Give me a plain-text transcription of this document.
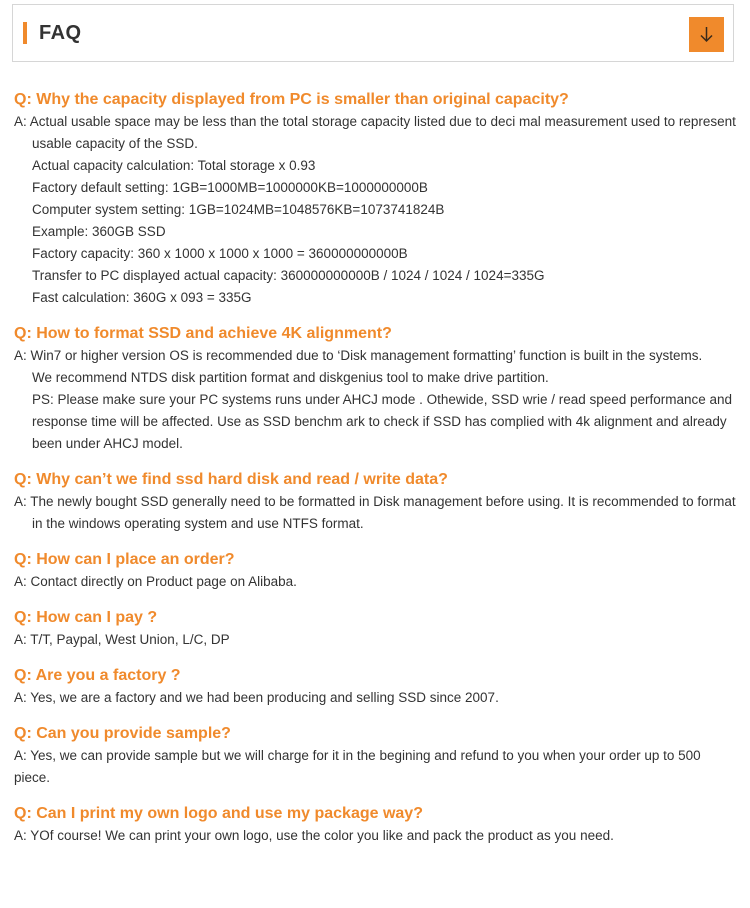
FAQ

Q: Why the capacity displayed from PC is smaller than original capacity?

A: Actual usable space may be less than the total storage capacity listed due to deci mal measurement used to represent usable capacity of the SSD.
Actual capacity calculation: Total storage x 0.93
Factory default setting: 1GB=1000MB=1000000KB=1000000000B
Computer system setting: 1GB=1024MB=1048576KB=1073741824B
Example: 360GB SSD
Factory capacity: 360 x 1000 x 1000 x 1000 = 360000000000B
Transfer to PC displayed actual capacity: 360000000000B / 1024 / 1024 / 1024=335G
Fast calculation: 360G x 093 = 335G

Q: How to format SSD and achieve 4K alignment?

A: Win7 or higher version OS is recommended due to ‘Disk management formatting’ function is built in the systems.
We recommend NTDS disk partition format and diskgenius tool to make drive partition.
PS: Please make sure your PC systems runs under AHCJ mode . Othewide, SSD wrie / read speed performance and response time will be affected. Use as SSD benchm ark to check if SSD has complied with 4k alignment and already been under AHCJ model.

Q: Why can’t we find ssd hard disk and read / write data?

A: The newly bought SSD generally need to be formatted in Disk management before using. It is recommended to format in the windows operating system and use NTFS format.

Q: How can I place an order?

A: Contact directly on Product page on Alibaba.

Q: How can I pay ?

A: T/T, Paypal, West Union, L/C, DP

Q: Are you a factory ?

A: Yes, we are a factory and we had been producing and selling SSD since 2007.

Q: Can you provide sample?

A: Yes, we can provide sample but we will charge for it in the begining and refund to you when your order up to 500 piece.

Q: Can I print my own logo and use my package way?

A: YOf course! We can print your own logo, use the color you like and pack the product as you need.
